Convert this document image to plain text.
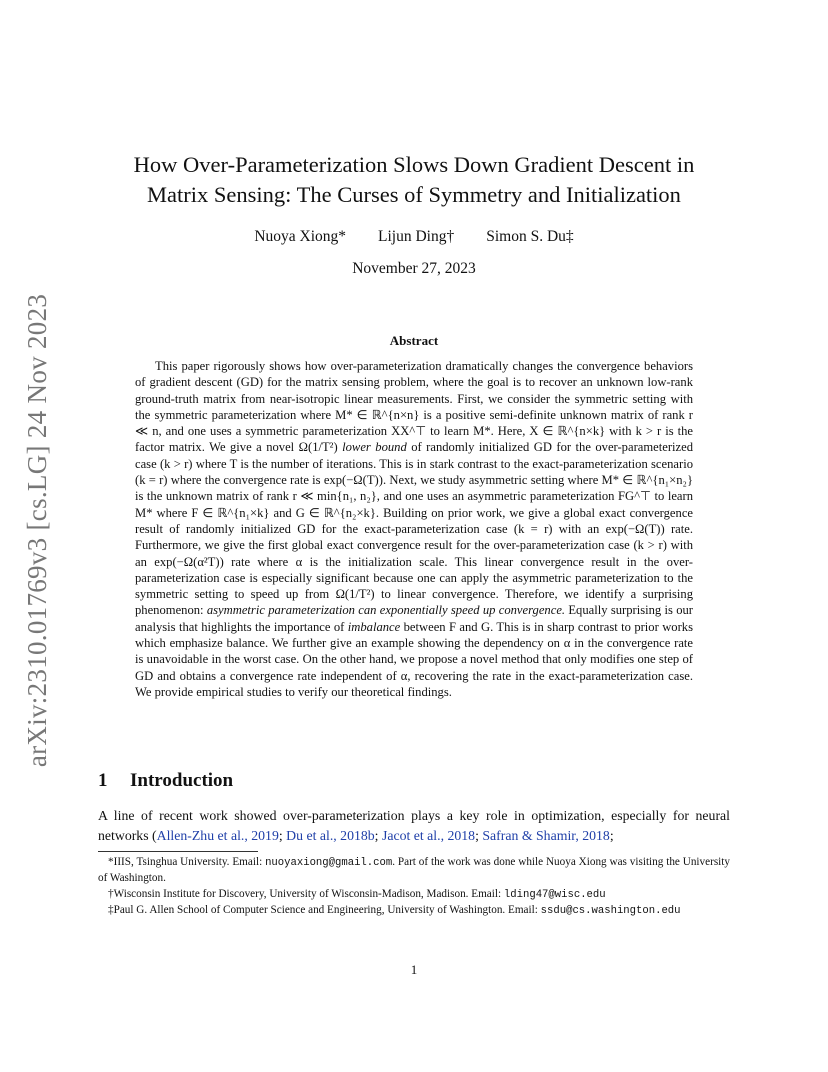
arXiv:2310.01769v3 [cs.LG] 24 Nov 2023
How Over-Parameterization Slows Down Gradient Descent in
Matrix Sensing: The Curses of Symmetry and Initialization
Nuoya Xiong* Lijun Ding† Simon S. Du‡
November 27, 2023
Abstract

This paper rigorously shows how over-parameterization dramatically changes the convergence behaviors of gradient descent (GD) for the matrix sensing problem, where the goal is to recover an unknown low-rank ground-truth matrix from near-isotropic linear measurements. First, we consider the symmetric setting with the symmetric parameterization where M* ∈ ℝ^{n×n} is a positive semi-definite unknown matrix of rank r ≪ n, and one uses a symmetric parameterization XX^⊤ to learn M*. Here, X ∈ ℝ^{n×k} with k > r is the factor matrix. We give a novel Ω(1/T²) lower bound of randomly initialized GD for the over-parameterized case (k > r) where T is the number of iterations. This is in stark contrast to the exact-parameterization scenario (k = r) where the convergence rate is exp(−Ω(T)). Next, we study asymmetric setting where M* ∈ ℝ^{n₁×n₂} is the unknown matrix of rank r ≪ min{n₁, n₂}, and one uses an asymmetric parameterization FG^⊤ to learn M* where F ∈ ℝ^{n₁×k} and G ∈ ℝ^{n₂×k}. Building on prior work, we give a global exact convergence result of randomly initialized GD for the exact-parameterization case (k = r) with an exp(−Ω(T)) rate. Furthermore, we give the first global exact convergence result for the over-parameterization case (k > r) with an exp(−Ω(α²T)) rate where α is the initialization scale. This linear convergence result in the over-parameterization case is especially significant because one can apply the asymmetric parameterization to the symmetric setting to speed up from Ω(1/T²) to linear convergence. Therefore, we identify a surprising phenomenon: asymmetric parameterization can exponentially speed up convergence. Equally surprising is our analysis that highlights the importance of imbalance between F and G. This is in sharp contrast to prior works which emphasize balance. We further give an example showing the dependency on α in the convergence rate is unavoidable in the worst case. On the other hand, we propose a novel method that only modifies one step of GD and obtains a convergence rate independent of α, recovering the rate in the exact-parameterization case. We provide empirical studies to verify our theoretical findings.

1 Introduction

A line of recent work showed over-parameterization plays a key role in optimization, especially for neural networks (Allen-Zhu et al., 2019; Du et al., 2018b; Jacot et al., 2018; Safran & Shamir, 2018;

*IIIS, Tsinghua University. Email: nuoyaxiong@gmail.com. Part of the work was done while Nuoya Xiong was visiting the University of Washington.

†Wisconsin Institute for Discovery, University of Wisconsin-Madison, Madison. Email: lding47@wisc.edu

‡Paul G. Allen School of Computer Science and Engineering, University of Washington. Email: ssdu@cs.washington.edu

1
